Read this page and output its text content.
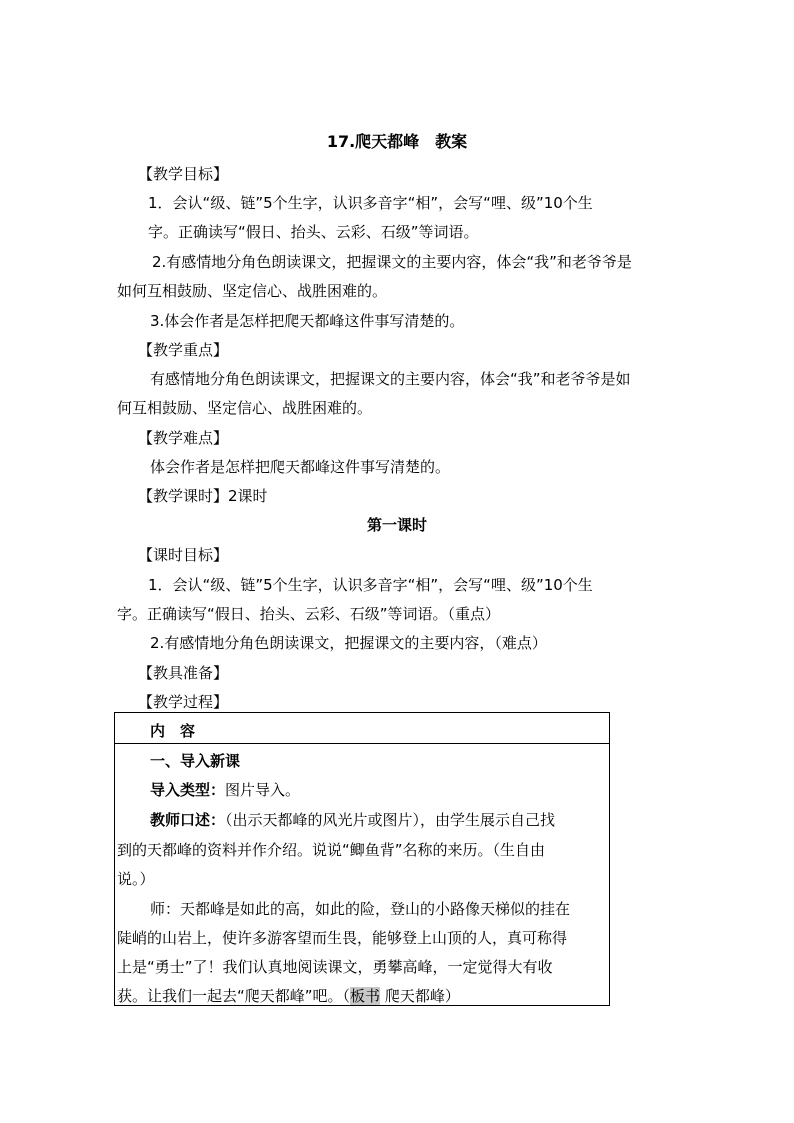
17.爬天都峰　教案
【教学目标】
1．会认“级、链”5个生字，认识多音字“相”，会写“哩、级”10个生
字。正确读写“假日、抬头、云彩、石级”等词语。
2.有感情地分角色朗读课文，把握课文的主要内容，体会“我”和老爷爷是
如何互相鼓励、坚定信心、战胜困难的。
3.体会作者是怎样把爬天都峰这件事写清楚的。
【教学重点】
有感情地分角色朗读课文，把握课文的主要内容，体会“我”和老爷爷是如
何互相鼓励、坚定信心、战胜困难的。
【教学难点】
体会作者是怎样把爬天都峰这件事写清楚的。
【教学课时】2课时
第一课时
【课时目标】
1．会认“级、链”5个生字，认识多音字“相”，会写“哩、级”10个生
字。正确读写“假日、抬头、云彩、石级”等词语。（重点）
2.有感情地分角色朗读课文，把握课文的主要内容，（难点）
【教具准备】
【教学过程】
内　容
一、导入新课
导入类型：图片导入。
教师口述：（出示天都峰的风光片或图片），由学生展示自己找
到的天都峰的资料并作介绍。说说“鲫鱼背”名称的来历。（生自由
说。）
师：天都峰是如此的高，如此的险，登山的小路像天梯似的挂在
陡峭的山岩上，使许多游客望而生畏，能够登上山顶的人，真可称得
上是“勇士”了！我们认真地阅读课文，勇攀高峰，一定觉得大有收
获。让我们一起去“爬天都峰”吧。（板书 爬天都峰）
